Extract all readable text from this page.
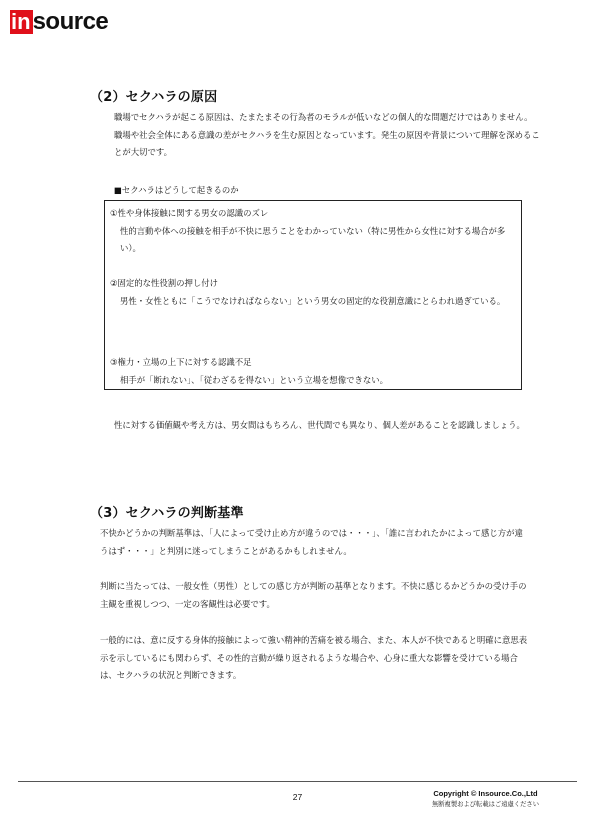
in source
（2）セクハラの原因
職場でセクハラが起こる原因は、たまたまその行為者のモラルが低いなどの個人的な問題だけではありません。職場や社会全体にある意識の差がセクハラを生む原因となっています。発生の原因や背景について理解を深めることが大切です。
■セクハラはどうして起きるのか
①性や身体接触に関する男女の認識のズレ
性的言動や体への接触を相手が不快に思うことをわかっていない（特に男性から女性に対する場合が多い）。
②固定的な性役割の押し付け
男性・女性ともに「こうでなければならない」という男女の固定的な役割意識にとらわれ過ぎている。
③権力・立場の上下に対する認識不足
相手が「断れない」、「従わざるを得ない」という立場を想像できない。
性に対する価値観や考え方は、男女間はもちろん、世代間でも異なり、個人差があることを認識しましょう。
（3）セクハラの判断基準
不快かどうかの判断基準は、「人によって受け止め方が違うのでは・・・」、「誰に言われたかによって感じ方が違うはず・・・」と判別に迷ってしまうことがあるかもしれません。
判断に当たっては、一般女性（男性）としての感じ方が判断の基準となります。不快に感じるかどうかの受け手の主観を重視しつつ、一定の客観性は必要です。
一般的には、意に反する身体的接触によって強い精神的苦痛を被る場合、また、本人が不快であると明確に意思表示を示しているにも関わらず、その性的言動が繰り返されるような場合や、心身に重大な影響を受けている場合は、セクハラの状況と判断できます。
27	Copyright © Insource.Co.,Ltd
無断複製および転載はご遠慮ください
